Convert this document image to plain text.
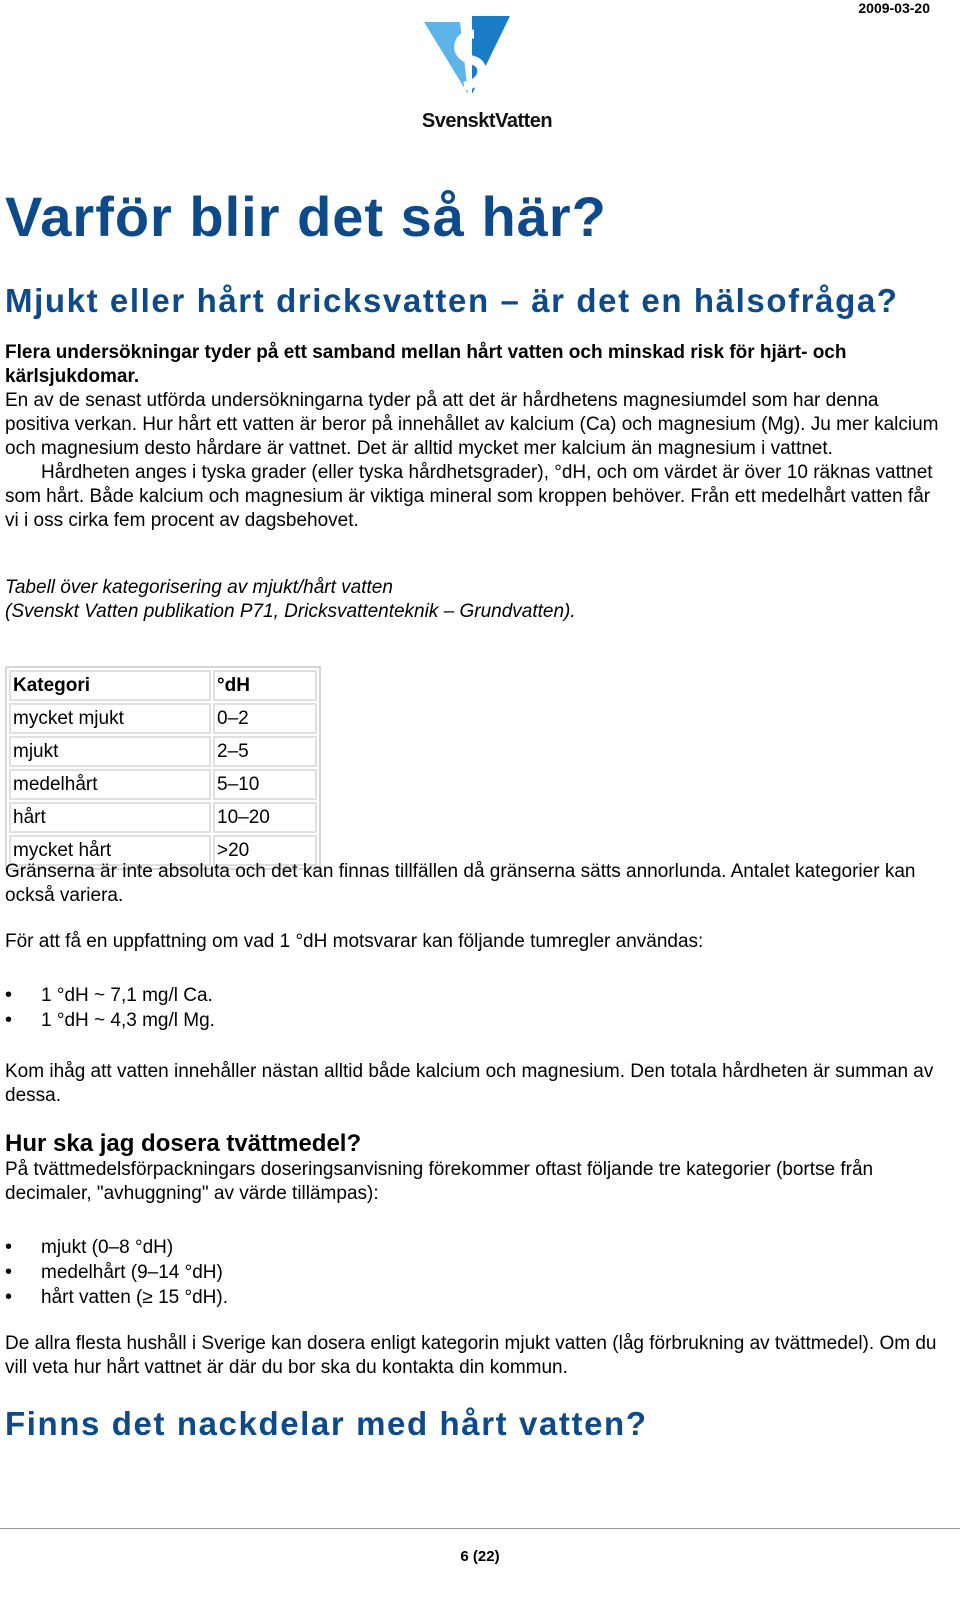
2009-03-20
SvensktVatten
Varför blir det så här?
Mjukt eller hårt dricksvatten – är det en hälsofråga?
Flera undersökningar tyder på ett samband mellan hårt vatten och minskad risk för hjärt- och kärlsjukdomar.
En av de senast utförda undersökningarna tyder på att det är hårdhetens magnesiumdel som har denna positiva verkan. Hur hårt ett vatten är beror på innehållet av kalcium (Ca) och magnesium (Mg). Ju mer kalcium och magnesium desto hårdare är vattnet. Det är alltid mycket mer kalcium än magnesium i vattnet.
Hårdheten anges i tyska grader (eller tyska hårdhetsgrader), °dH, och om värdet är över 10 räknas vattnet som hårt. Både kalcium och magnesium är viktiga mineral som kroppen behöver. Från ett medelhårt vatten får vi i oss cirka fem procent av dagsbehovet.
Tabell över kategorisering av mjukt/hårt vatten
(Svenskt Vatten publikation P71, Dricksvattenteknik – Grundvatten).
Kategori	°dH
mycket mjukt	0–2
mjukt	2–5
medelhårt	5–10
hårt	10–20
mycket hårt	>20

Gränserna är inte absoluta och det kan finnas tillfällen då gränserna sätts annorlunda. Antalet kategorier kan också variera.

För att få en uppfattning om vad 1 °dH motsvarar kan följande tumregler användas:

• 1 °dH ~ 7,1 mg/l Ca.
• 1 °dH ~ 4,3 mg/l Mg.

Kom ihåg att vatten innehåller nästan alltid både kalcium och magnesium. Den totala hårdheten är summan av dessa.

Hur ska jag dosera tvättmedel?

På tvättmedelsförpackningars doseringsanvisning förekommer oftast följande tre kategorier (bortse från decimaler, "avhuggning" av värde tillämpas):

• mjukt (0–8 °dH)
• medelhårt (9–14 °dH)
• hårt vatten (≥ 15 °dH).

De allra flesta hushåll i Sverige kan dosera enligt kategorin mjukt vatten (låg förbrukning av tvättmedel). Om du vill veta hur hårt vattnet är där du bor ska du kontakta din kommun.

Finns det nackdelar med hårt vatten?
6 (22)
